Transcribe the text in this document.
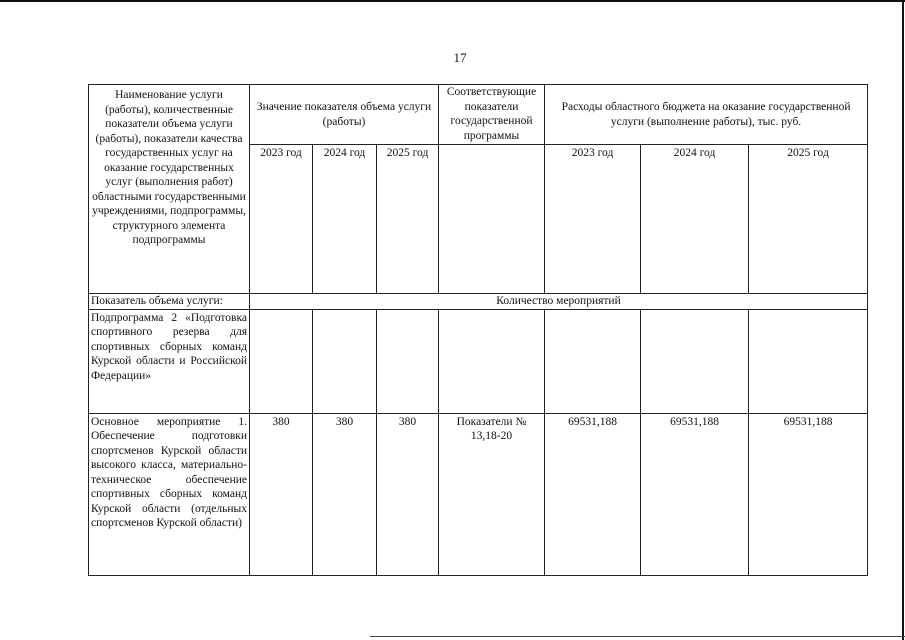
17
Наименование услуги (работы), количественные показатели объема услуги (работы), показатели качества государственных услуг на оказание государственных услуг (выполнения работ) областными государственными учреждениями, подпрограммы, структурного элемента подпрограммы	Значение показателя объема услуги (работы)			Соответствующие показатели государственной программы	Расходы областного бюджета на оказание государственной услуги (выполнение работы), тыс. руб.		
	2023 год	2024 год	2025 год		2023 год	2024 год	2025 год
Показатель объема услуги:	Количество мероприятий						
Подпрограмма 2 «Подготовка спортивного резерва для спортивных сборных команд Курской области и Российской Федерации»							
Основное мероприятие 1. Обеспечение подготовки спортсменов Курской области высокого класса, материально-техническое обеспечение спортивных сборных команд Курской области (отдельных спортсменов Курской области)	380	380	380	Показатели № 13,18-20	69531,188	69531,188	69531,188
